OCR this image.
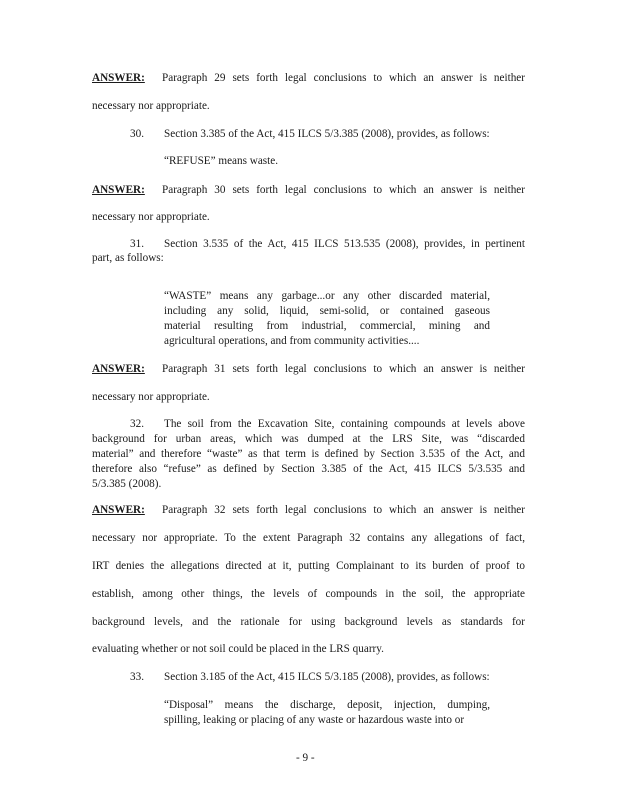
ANSWER: Paragraph 29 sets forth legal conclusions to which an answer is neither
necessary nor appropriate.
30. Section 3.385 of the Act, 415 ILCS 5/3.385 (2008), provides, as follows:
“REFUSE” means waste.
ANSWER: Paragraph 30 sets forth legal conclusions to which an answer is neither
necessary nor appropriate.
31. Section 3.535 of the Act, 415 ILCS 513.535 (2008), provides, in pertinent
part, as follows:
“WASTE” means any garbage...or any other discarded material,
including any solid, liquid, semi-solid, or contained gaseous
material resulting from industrial, commercial, mining and
agricultural operations, and from community activities....
ANSWER: Paragraph 31 sets forth legal conclusions to which an answer is neither
necessary nor appropriate.
32. The soil from the Excavation Site, containing compounds at levels above
background for urban areas, which was dumped at the LRS Site, was “discarded
material” and therefore “waste” as that term is defined by Section 3.535 of the Act, and
therefore also “refuse” as defined by Section 3.385 of the Act, 415 ILCS 5/3.535 and
5/3.385 (2008).
ANSWER: Paragraph 32 sets forth legal conclusions to which an answer is neither
necessary nor appropriate. To the extent Paragraph 32 contains any allegations of fact,
IRT denies the allegations directed at it, putting Complainant to its burden of proof to
establish, among other things, the levels of compounds in the soil, the appropriate
background levels, and the rationale for using background levels as standards for
evaluating whether or not soil could be placed in the LRS quarry.
33. Section 3.185 of the Act, 415 ILCS 5/3.185 (2008), provides, as follows:
“Disposal” means the discharge, deposit, injection, dumping,
spilling, leaking or placing of any waste or hazardous waste into or
- 9 -
